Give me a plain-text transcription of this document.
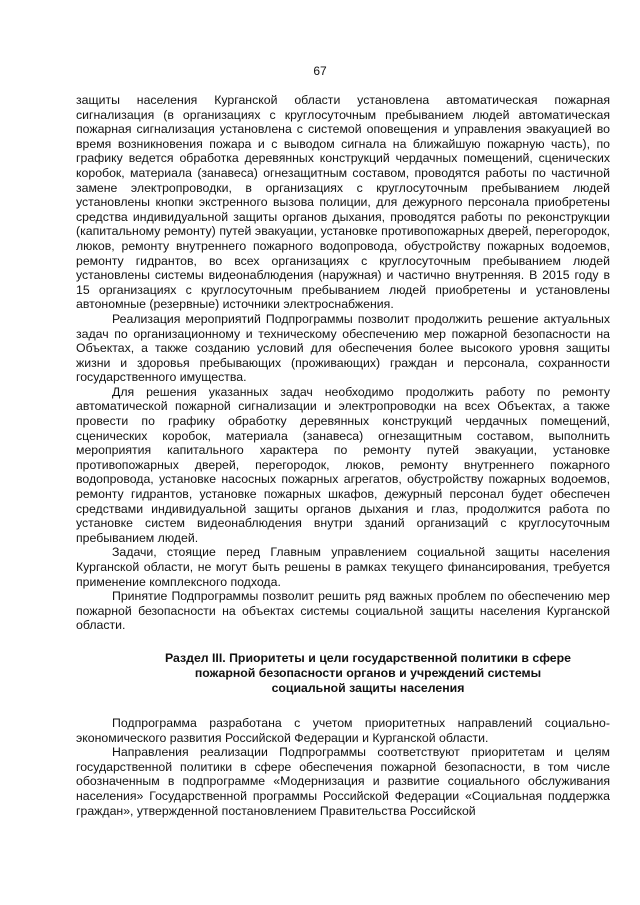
67

защиты населения Курганской области установлена автоматическая пожарная сигнализация (в организациях с круглосуточным пребыванием людей автоматическая пожарная сигнализация установлена с системой оповещения и управления эвакуацией во время возникновения пожара и с выводом сигнала на ближайшую пожарную часть), по графику ведется обработка деревянных конструкций чердачных помещений, сценических коробок, материала (занавеса) огнезащитным составом, проводятся работы по частичной замене электропроводки, в организациях с круглосуточным пребыванием людей установлены кнопки экстренного вызова полиции, для дежурного персонала приобретены средства индивидуальной защиты органов дыхания, проводятся работы по реконструкции (капитальному ремонту) путей эвакуации, установке противопожарных дверей, перегородок, люков, ремонту внутреннего пожарного водопровода, обустройству пожарных водоемов, ремонту гидрантов, во всех организациях с круглосуточным пребыванием людей установлены системы видеонаблюдения (наружная) и частично внутренняя. В 2015 году в 15 организациях с круглосуточным пребыванием людей приобретены и установлены автономные (резервные) источники электроснабжения.

Реализация мероприятий Подпрограммы позволит продолжить решение актуальных задач по организационному и техническому обеспечению мер пожарной безопасности на Объектах, а также созданию условий для обеспечения более высокого уровня защиты жизни и здоровья пребывающих (проживающих) граждан и персонала, сохранности государственного имущества.

Для решения указанных задач необходимо продолжить работу по ремонту автоматической пожарной сигнализации и электропроводки на всех Объектах, а также провести по графику обработку деревянных конструкций чердачных помещений, сценических коробок, материала (занавеса) огнезащитным составом, выполнить мероприятия капитального характера по ремонту путей эвакуации, установке противопожарных дверей, перегородок, люков, ремонту внутреннего пожарного водопровода, установке насосных пожарных агрегатов, обустройству пожарных водоемов, ремонту гидрантов, установке пожарных шкафов, дежурный персонал будет обеспечен средствами индивидуальной защиты органов дыхания и глаз, продолжится работа по установке систем видеонаблюдения внутри зданий организаций с круглосуточным пребыванием людей.

Задачи, стоящие перед Главным управлением социальной защиты населения Курганской области, не могут быть решены в рамках текущего финансирования, требуется применение комплексного подхода.

Принятие Подпрограммы позволит решить ряд важных проблем по обеспечению мер пожарной безопасности на объектах системы социальной защиты населения Курганской области.

Раздел III. Приоритеты и цели государственной политики в сфере
пожарной безопасности органов и учреждений системы
социальной защиты населения

Подпрограмма разработана с учетом приоритетных направлений социально-экономического развития Российской Федерации и Курганской области.

Направления реализации Подпрограммы соответствуют приоритетам и целям государственной политики в сфере обеспечения пожарной безопасности, в том числе обозначенным в подпрограмме «Модернизация и развитие социального обслуживания населения» Государственной программы Российской Федерации «Социальная поддержка граждан», утвержденной постановлением Правительства Российской
